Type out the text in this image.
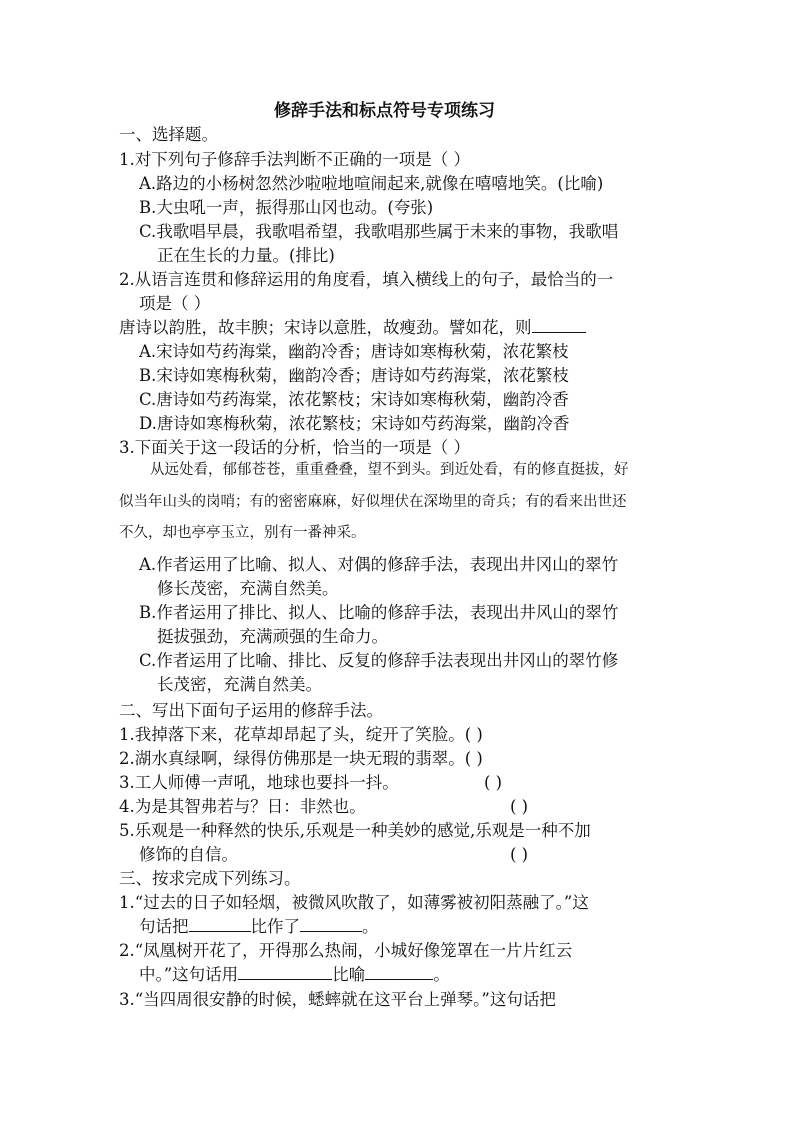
修辞手法和标点符号专项练习
一、选择题。
1.对下列句子修辞手法判断不正确的一项是（ ）
A.路边的小杨树忽然沙啦啦地喧闹起来,就像在嘻嘻地笑。(比喻)
B.大虫吼一声，振得那山冈也动。(夸张)
C.我歌唱早晨，我歌唱希望，我歌唱那些属于未来的事物，我歌唱
正在生长的力量。(排比)
2.从语言连贯和修辞运用的角度看，填入横线上的句子，最恰当的一
项是（ ）
唐诗以韵胜，故丰腴；宋诗以意胜，故瘦劲。譬如花，则
A.宋诗如芍药海棠，幽韵冷香；唐诗如寒梅秋菊，浓花繁枝
B.宋诗如寒梅秋菊，幽韵冷香；唐诗如芍药海棠，浓花繁枝
C.唐诗如芍药海棠，浓花繁枝；宋诗如寒梅秋菊，幽韵冷香
D.唐诗如寒梅秋菊，浓花繁枝；宋诗如芍药海棠，幽韵冷香
3.下面关于这一段话的分析，恰当的一项是（ ）
从远处看，郁郁苍苍，重重叠叠，望不到头。到近处看，有的修直挺拔，好
似当年山头的岗哨；有的密密麻麻，好似埋伏在深坳里的奇兵；有的看来出世还
不久，却也亭亭玉立，别有一番神采。
A.作者运用了比喻、拟人、对偶的修辞手法，表现出井冈山的翠竹
修长茂密，充满自然美。
B.作者运用了排比、拟人、比喻的修辞手法，表现出井风山的翠竹
挺拔强劲，充满顽强的生命力。
C.作者运用了比喻、排比、反复的修辞手法表现出井冈山的翠竹修
长茂密，充满自然美。
二、写出下面句子运用的修辞手法。
1.我掉落下来，花草却昂起了头，绽开了笑脸。( )
2.湖水真绿啊，绿得仿佛那是一块无瑕的翡翠。( )
3.工人师傅一声吼，地球也要抖一抖。	( )
4.为是其智弗若与？日：非然也。	( )
5.乐观是一种释然的快乐,乐观是一种美妙的感觉,乐观是一种不加
修饰的自信。	( )
三、按求完成下列练习。
1.“过去的日子如轻烟，被微风吹散了，如薄雾被初阳蒸融了。”这
句话把	比作了	。
2.“凤凰树开花了，开得那么热闹，小城好像笼罩在一片片红云
中。”这句话用	比喻	。
3.“当四周很安静的时候，蟋蟀就在这平台上弹琴。”这句话把
